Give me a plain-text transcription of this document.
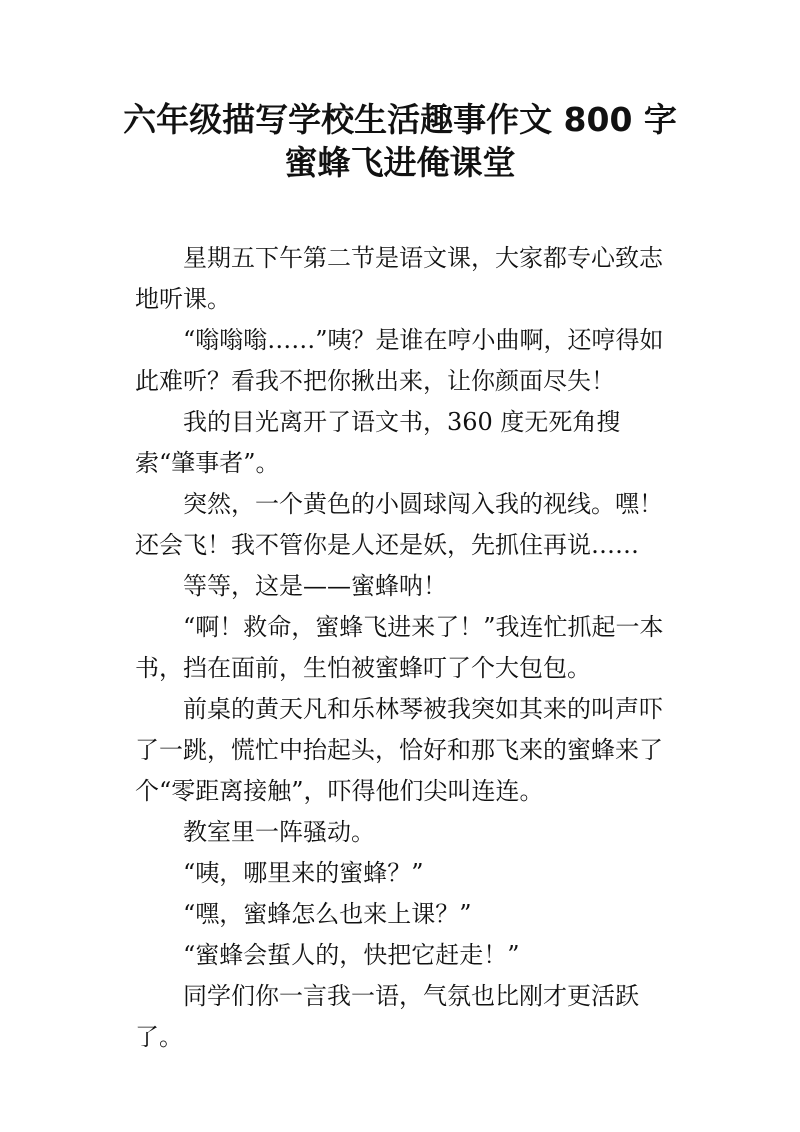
六年级描写学校生活趣事作文 800 字
蜜蜂飞进俺课堂

星期五下午第二节是语文课，大家都专心致志地听课。

“嗡嗡嗡……”咦？是谁在哼小曲啊，还哼得如此难听？看我不把你揪出来，让你颜面尽失！

我的目光离开了语文书，360 度无死角搜索“肇事者”。

突然，一个黄色的小圆球闯入我的视线。嘿！还会飞！我不管你是人还是妖，先抓住再说……

等等，这是——蜜蜂呐！

“啊！救命，蜜蜂飞进来了！”我连忙抓起一本书，挡在面前，生怕被蜜蜂叮了个大包包。

前桌的黄天凡和乐林琴被我突如其来的叫声吓了一跳，慌忙中抬起头，恰好和那飞来的蜜蜂来了个“零距离接触”，吓得他们尖叫连连。

教室里一阵骚动。

“咦，哪里来的蜜蜂？”

“嘿，蜜蜂怎么也来上课？”

“蜜蜂会蜇人的，快把它赶走！”

同学们你一言我一语，气氛也比刚才更活跃了。
